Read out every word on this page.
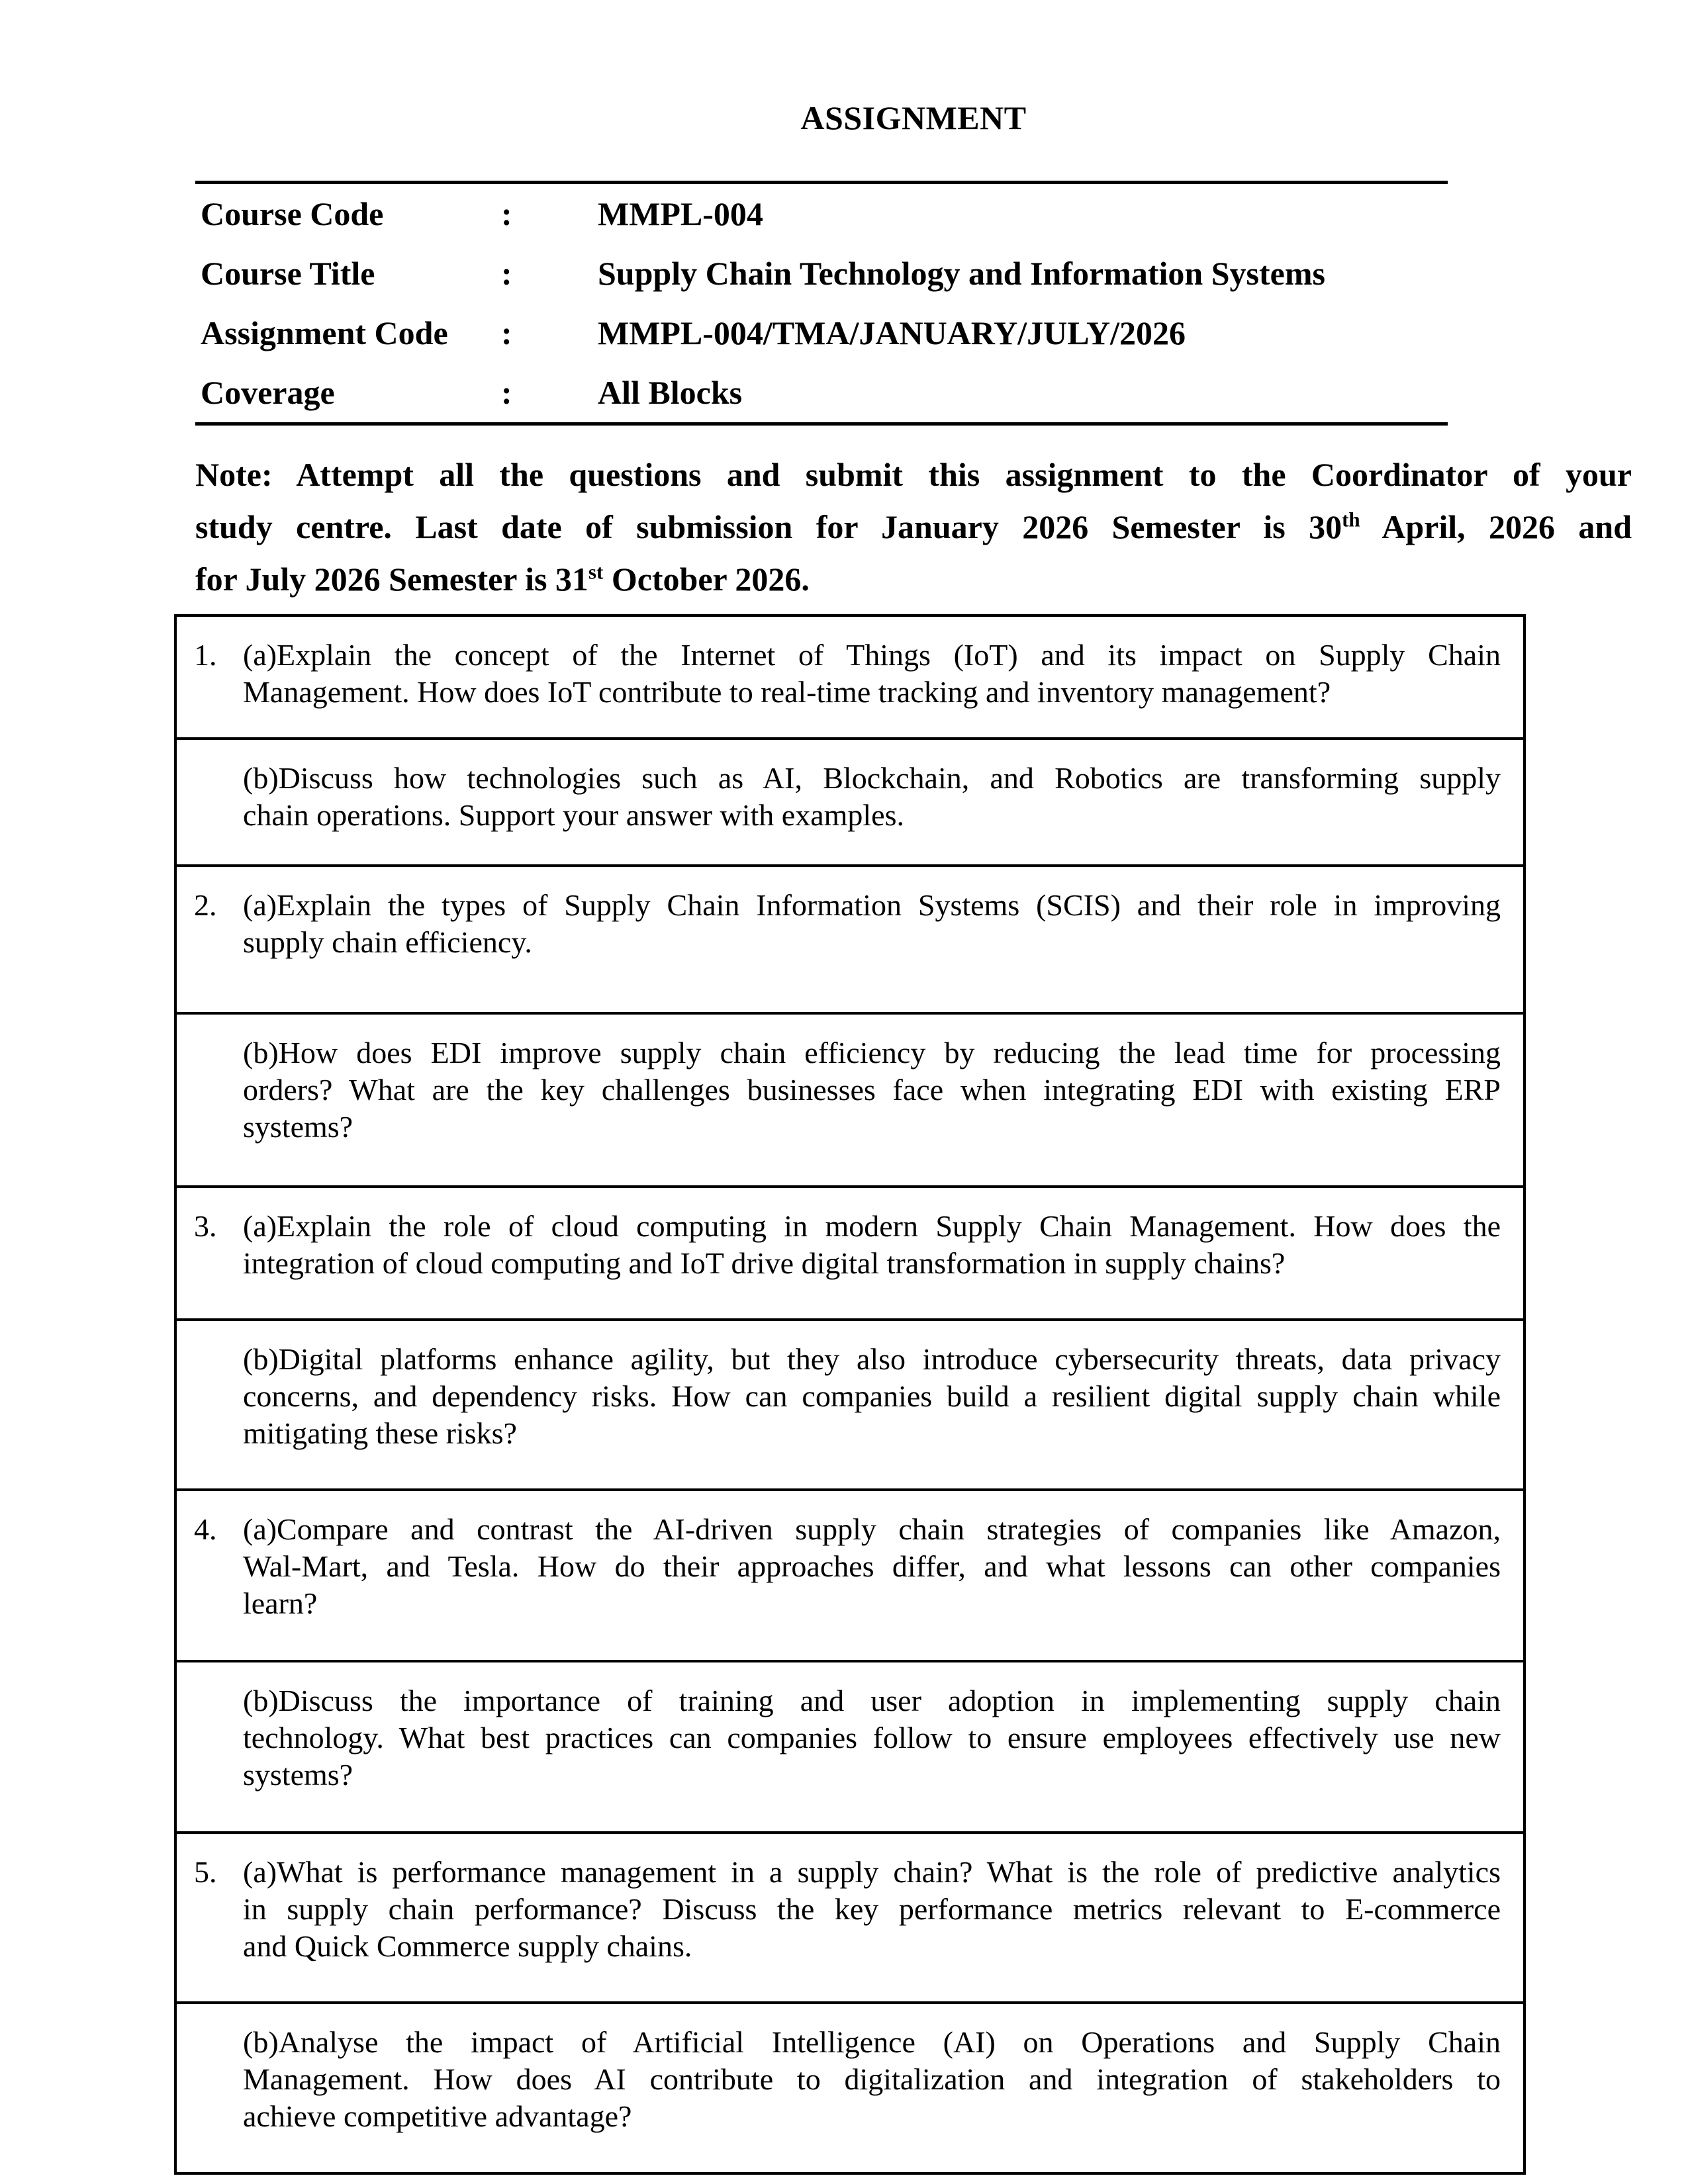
ASSIGNMENT
Course Code	:	MMPL-004
Course Title	:	Supply Chain Technology and Information Systems
Assignment Code	:	MMPL-004/TMA/JANUARY/JULY/2026
Coverage	:	All Blocks
Note: Attempt all the questions and submit this assignment to the Coordinator of your
study centre. Last date of submission for January 2026 Semester is 30th April, 2026 and
for July 2026 Semester is 31st October 2026.
1. (a)Explain the concept of the Internet of Things (IoT) and its impact on Supply Chain
Management. How does IoT contribute to real-time tracking and inventory management?

(b)Discuss how technologies such as AI, Blockchain, and Robotics are transforming supply
chain operations. Support your answer with examples.

2. (a)Explain the types of Supply Chain Information Systems (SCIS) and their role in improving
supply chain efficiency.

(b)How does EDI improve supply chain efficiency by reducing the lead time for processing
orders? What are the key challenges businesses face when integrating EDI with existing ERP
systems?

3. (a)Explain the role of cloud computing in modern Supply Chain Management. How does the
integration of cloud computing and IoT drive digital transformation in supply chains?

(b)Digital platforms enhance agility, but they also introduce cybersecurity threats, data privacy
concerns, and dependency risks. How can companies build a resilient digital supply chain while
mitigating these risks?

4. (a)Compare and contrast the AI-driven supply chain strategies of companies like Amazon,
Wal-Mart, and Tesla. How do their approaches differ, and what lessons can other companies
learn?

(b)Discuss the importance of training and user adoption in implementing supply chain
technology. What best practices can companies follow to ensure employees effectively use new
systems?

5. (a)What is performance management in a supply chain? What is the role of predictive analytics
in supply chain performance? Discuss the key performance metrics relevant to E-commerce
and Quick Commerce supply chains.

(b)Analyse the impact of Artificial Intelligence (AI) on Operations and Supply Chain
Management. How does AI contribute to digitalization and integration of stakeholders to
achieve competitive advantage?
